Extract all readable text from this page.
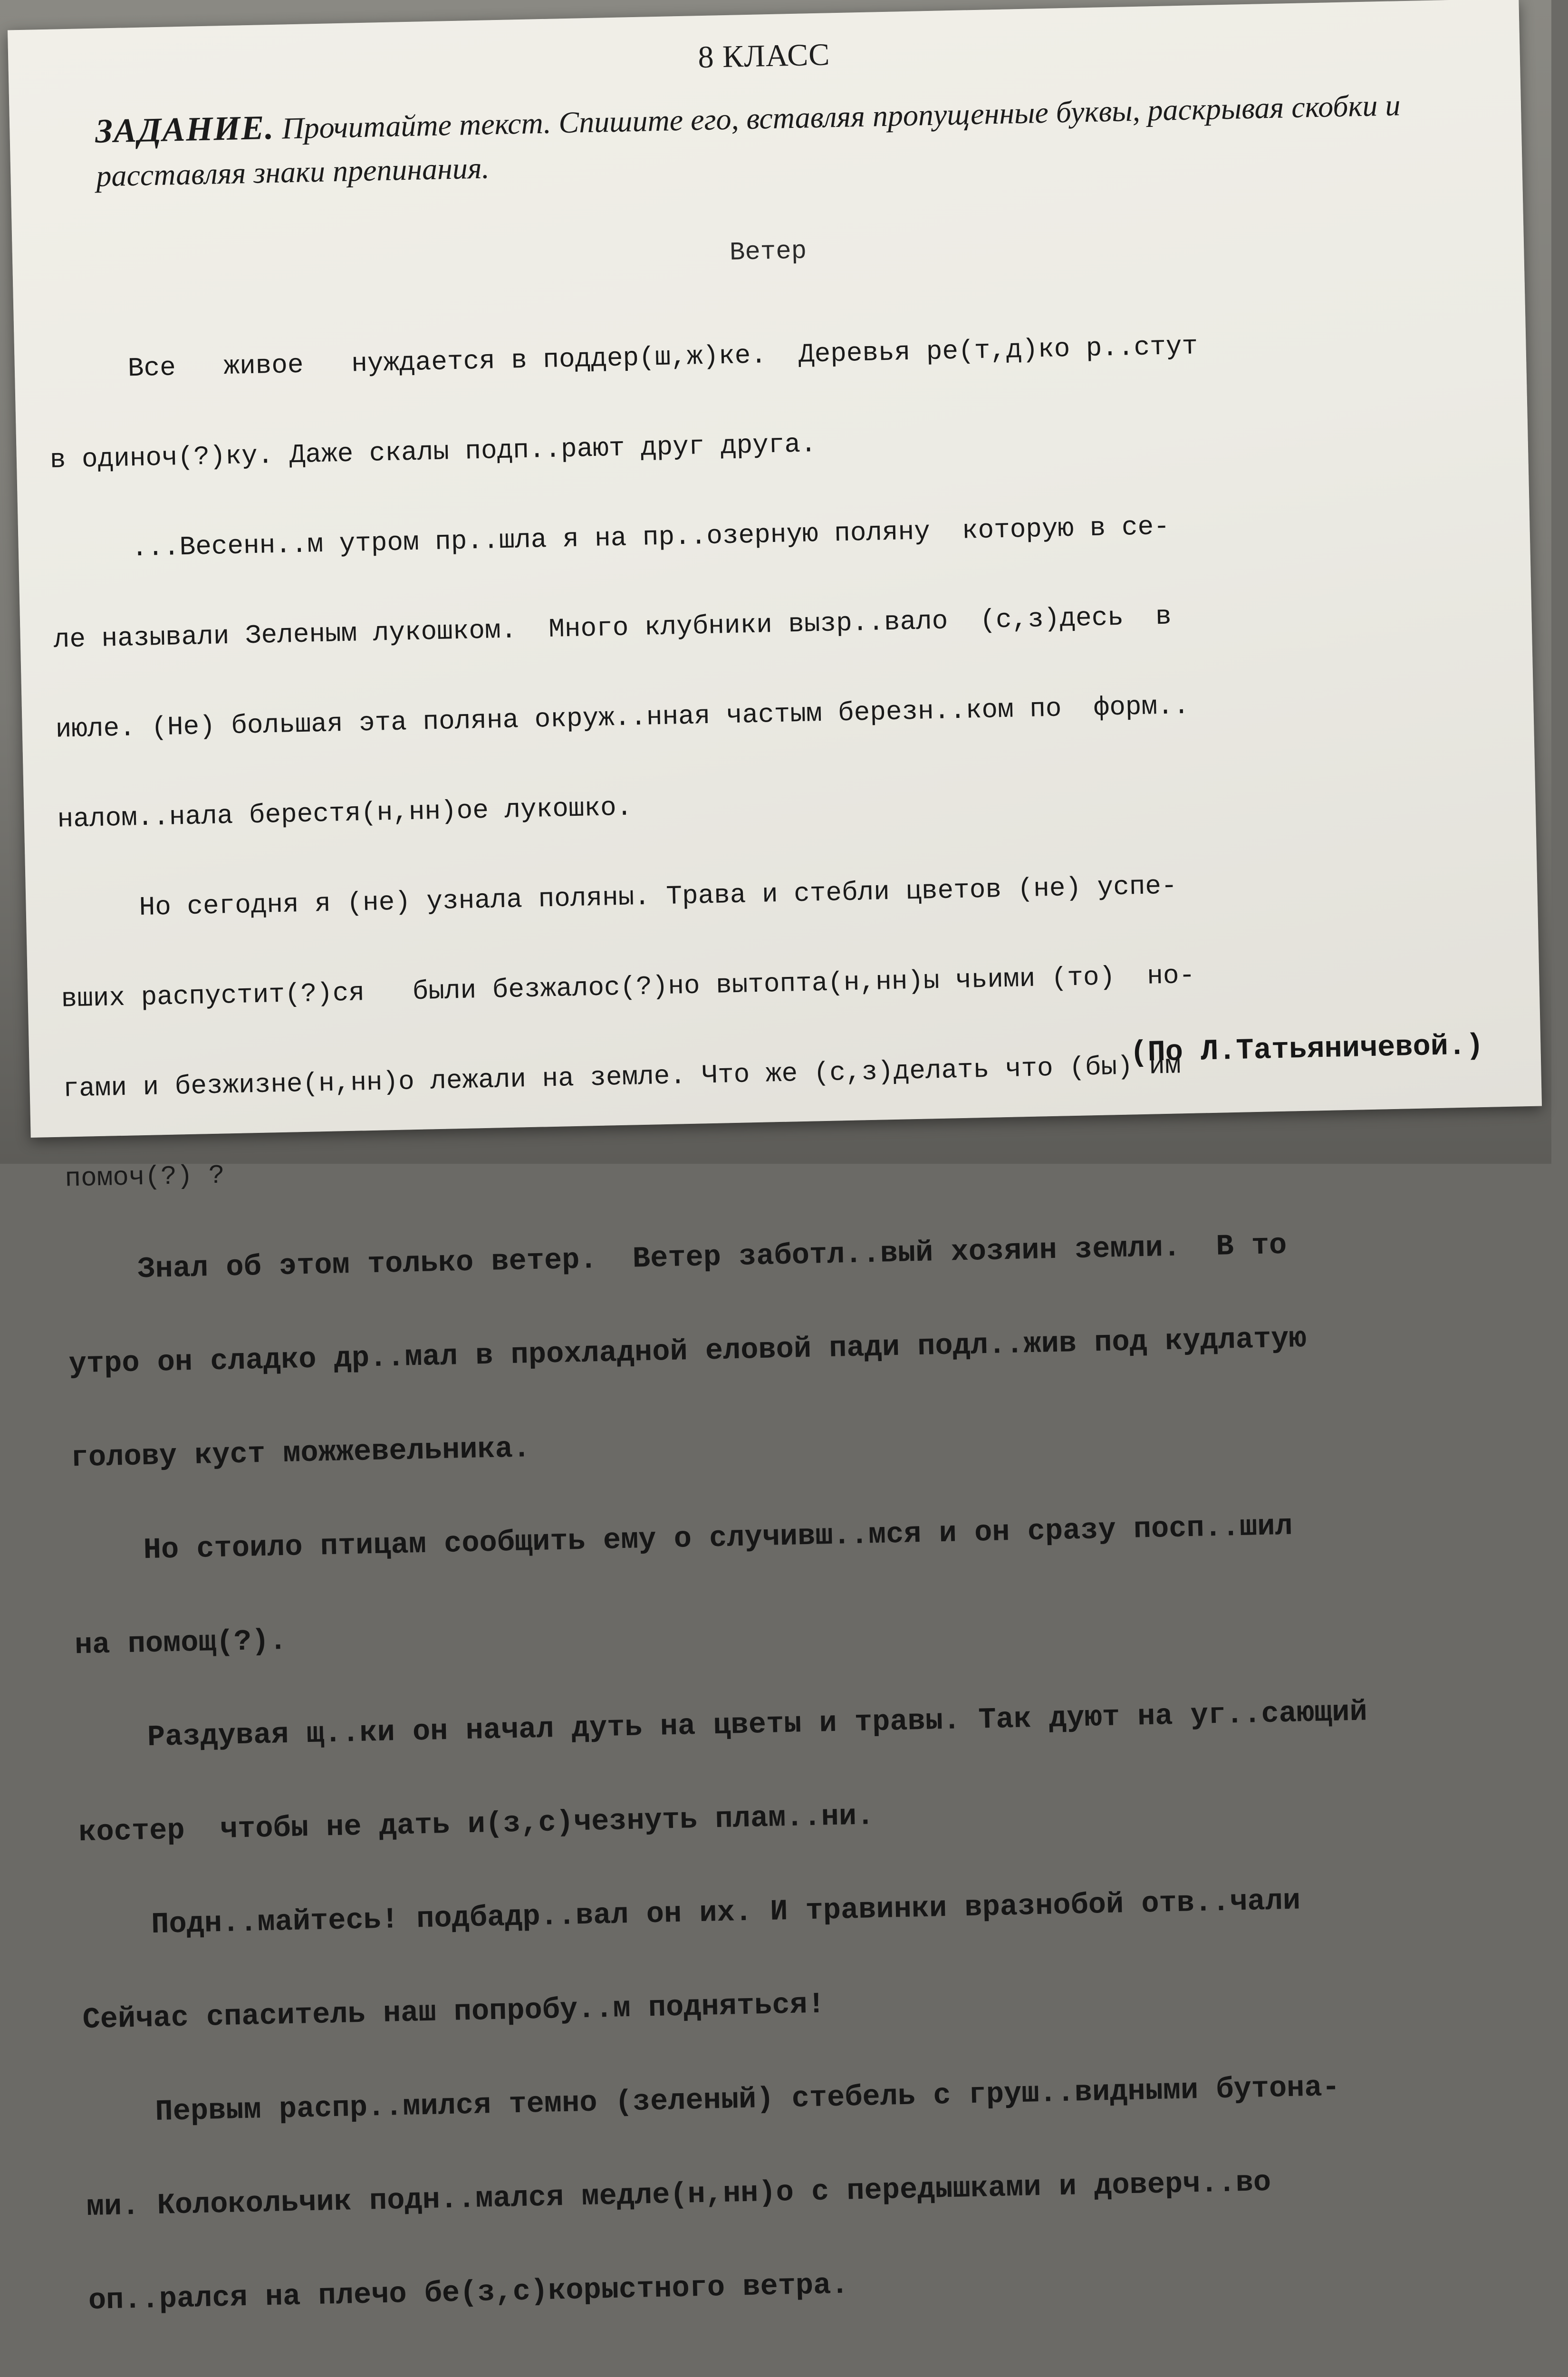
8 КЛАСС
ЗАДАНИЕ. Прочитайте текст. Спишите его, вставляя пропущенные буквы, раскрывая скобки и расставляя знаки препинания.
Ветер

Все   живое   нуждается в поддер(ш,ж)ке.  Деревья ре(т,д)ко р..стут

в одиноч(?)ку. Даже скалы подп..рают друг друга.

...Весенн..м утром пр..шла я на пр..озерную поляну  которую в се-

ле называли Зеленым лукошком.  Много клубники вызр..вало  (с,з)десь  в

июле. (Не) большая эта поляна окруж..нная частым березн..ком по  форм..

налом..нала берестя(н,нн)ое лукошко.

Но сегодня я (не) узнала поляны. Трава и стебли цветов (не) успе-

вших распустит(?)ся   были безжалос(?)но вытопта(н,нн)ы чьими (то)  но-

гами и безжизне(н,нн)о лежали на земле. Что же (с,з)делать что (бы) им

помоч(?) ?

Знал об этом только ветер.  Ветер заботл..вый хозяин земли.  В то

утро он сладко др..мал в прохладной еловой пади подл..жив под кудлатую

голову куст можжевельника.

Но стоило птицам сообщить ему о случивш..мся и он сразу посп..шил

на помощ(?).

Раздувая щ..ки он начал дуть на цветы и травы. Так дуют на уг..сающий

костер  чтобы не дать и(з,с)чезнуть плам..ни.

Подн..майтесь! подбадр..вал он их. И травинки вразнобой отв..чали

Сейчас спаситель наш попробу..м подняться!

Первым распр..мился темно (зеленый) стебель с груш..видными бутона-

ми. Колокольчик подн..мался медле(н,нн)о с передышками и доверч..во

оп..рался на плечо бе(з,с)корыстного ветра.

(По Л.Татьяничевой.)
